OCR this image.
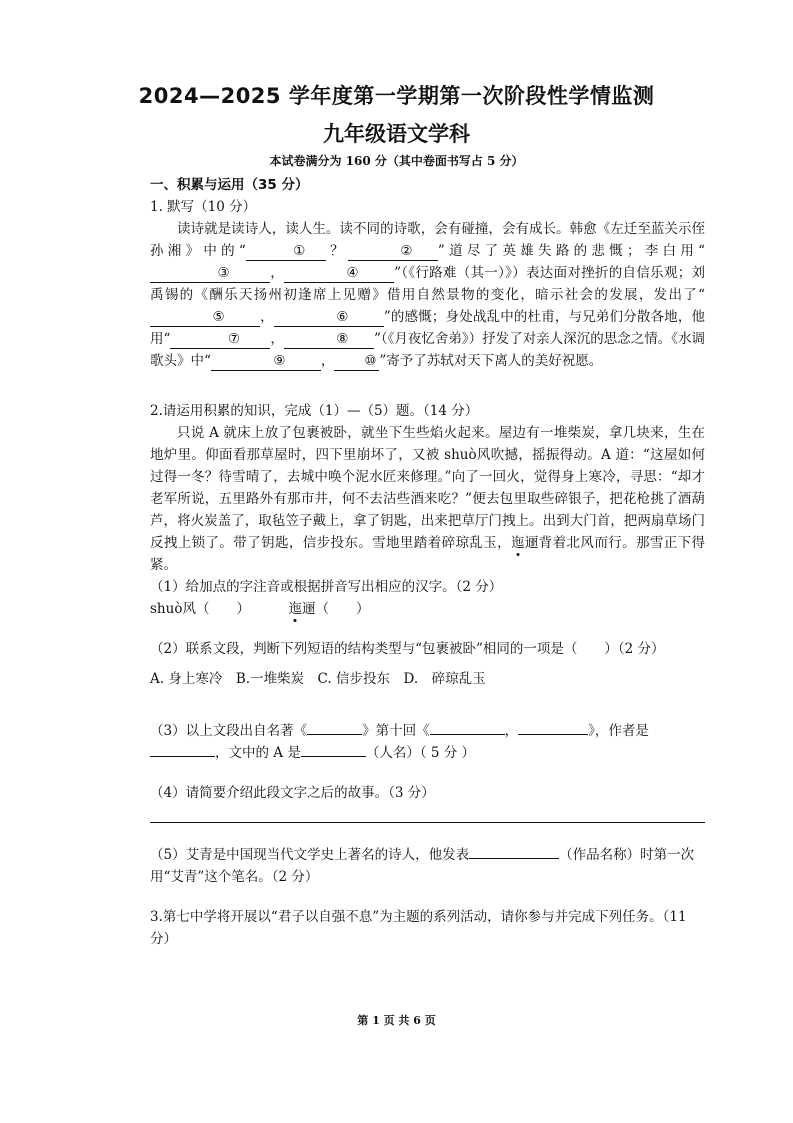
2024—2025 学年度第一学期第一次阶段性学情监测
九年级语文学科
本试卷满分为 160 分（其中卷面书写占 5 分）
一、积累与运用（35 分）
1. 默写（10 分）
读诗就是读诗人，读人生。读不同的诗歌，会有碰撞，会有成长。韩愈《左迁至蓝关示侄孙湘》中的“	① ？	② ”道尽了英雄失路的悲慨；李白用“③	，	④	”（《行路难（其一）》）表达面对挫折的自信乐观；刘禹锡的《酬乐天扬州初逢席上见赠》借用自然景物的变化，暗示社会的发展，发出了“⑤	，	⑥	”的感慨；身处战乱中的杜甫，与兄弟们分散各地，他用“	⑦ ，	⑧ ”（《月夜忆舍弟》）抒发了对亲人深沉的思念之情。《水调歌头》中“	⑨	， ⑩ ”寄予了苏轼对天下离人的美好祝愿。
2.请运用积累的知识，完成（1）—（5）题。（14 分）
只说 A 就床上放了包裹被卧，就坐下生些焰火起来。屋边有一堆柴炭，拿几块来，生在地炉里。仰面看那草屋时，四下里崩坏了，又被 shuò风吹撼，摇振得动。A 道：“这屋如何过得一冬？待雪晴了，去城中唤个泥水匠来修理。”向了一回火，觉得身上寒冷，寻思：“却才老军所说，五里路外有那市井，何不去沽些酒来吃？”便去包里取些碎银子，把花枪挑了酒葫芦，将火炭盖了，取毡笠子戴上，拿了钥匙，出来把草厅门拽上。出到大门首，把两扇草场门反拽上锁了。带了钥匙，信步投东。雪地里踏着碎琼乱玉，迤逦背着北风而行。那雪正下得紧。
（1）给加点的字注音或根据拼音写出相应的汉字。（2 分）
shuò风（　　）	迤逦（　　）
（2）联系文段，判断下列短语的结构类型与“包裹被卧”相同的一项是（　　）（2 分）
A. 身上寒冷　B.一堆柴炭　C. 信步投东　D.　碎琼乱玉
（3）以上文段出自名著《	》第十回《	，	》，作者是，文中的 A 是	（人名）（ 5 分 ）
（4）请简要介绍此段文字之后的故事。（3 分）
（5）艾青是中国现当代文学史上著名的诗人，他发表	（作品名称）时第一次用“艾青”这个笔名。（2 分）
3.第七中学将开展以“君子以自强不息”为主题的系列活动，请你参与并完成下列任务。（11 分）
第 1 页 共 6 页
